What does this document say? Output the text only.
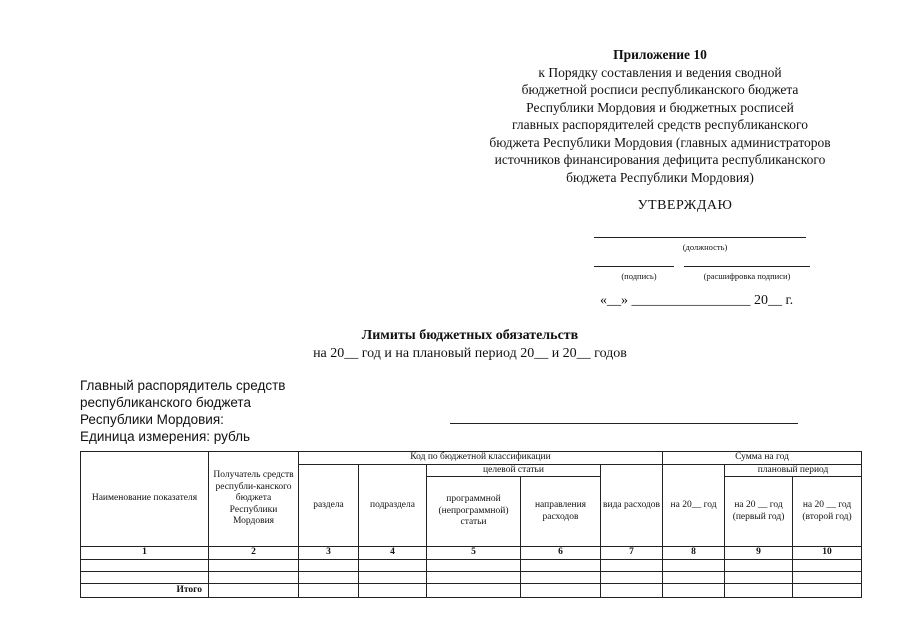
Приложение 10
к Порядку составления и ведения сводной
бюджетной росписи республиканского бюджета
Республики Мордовия и бюджетных росписей
главных распорядителей средств республиканского
бюджета Республики Мордовия (главных администраторов
источников финансирования дефицита республиканского
бюджета Республики Мордовия)
УТВЕРЖДАЮ
(должность)
(подпись)	(расшифровка подписи)
«__» _________________ 20__ г.
Лимиты бюджетных обязательств
на 20__ год и на плановый период 20__ и 20__ годов
Главный распорядитель средств
республиканского бюджета
Республики Мордовия:
Единица измерения: рубль
Наименование показателя	Получатель средств республи-канского бюджета Республики Мордовия	Код по бюджетной классификации					Сумма на год		
		раздела	подраздела	целевой статьи		вида расходов	на 20__ год	плановый период	
				программной (непрограммной) статьи	направления расходов			на 20 __ год (первый год)	на 20 __ год (второй год)
1	2	3	4	5	6	7	8	9	10

Итого									
